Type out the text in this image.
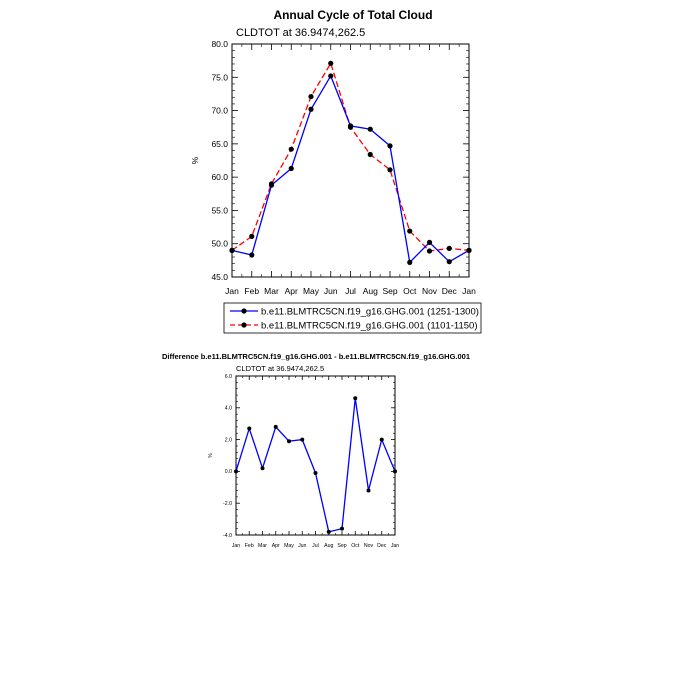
Annual Cycle of Total Cloud
CLDTOT at 36.9474,262.5
Jan Feb Mar Apr May Jun Jul Aug Sep Oct Nov Dec Jan
45.0
50.0
55.0
60.0
65.0
70.0
75.0
80.0
%
b.e11.BLMTRC5CN.f19_g16.GHG.001 (1251-1300)
b.e11.BLMTRC5CN.f19_g16.GHG.001 (1101-1150)
Difference b.e11.BLMTRC5CN.f19_g16.GHG.001 - b.e11.BLMTRC5CN.f19_g16.GHG.001
CLDTOT at 36.9474,262.5
Jan Feb Mar Apr May Jun Jul Aug Sep Oct Nov Dec Jan
-4.0
-2.0
0.0
2.0
4.0
6.0
%
